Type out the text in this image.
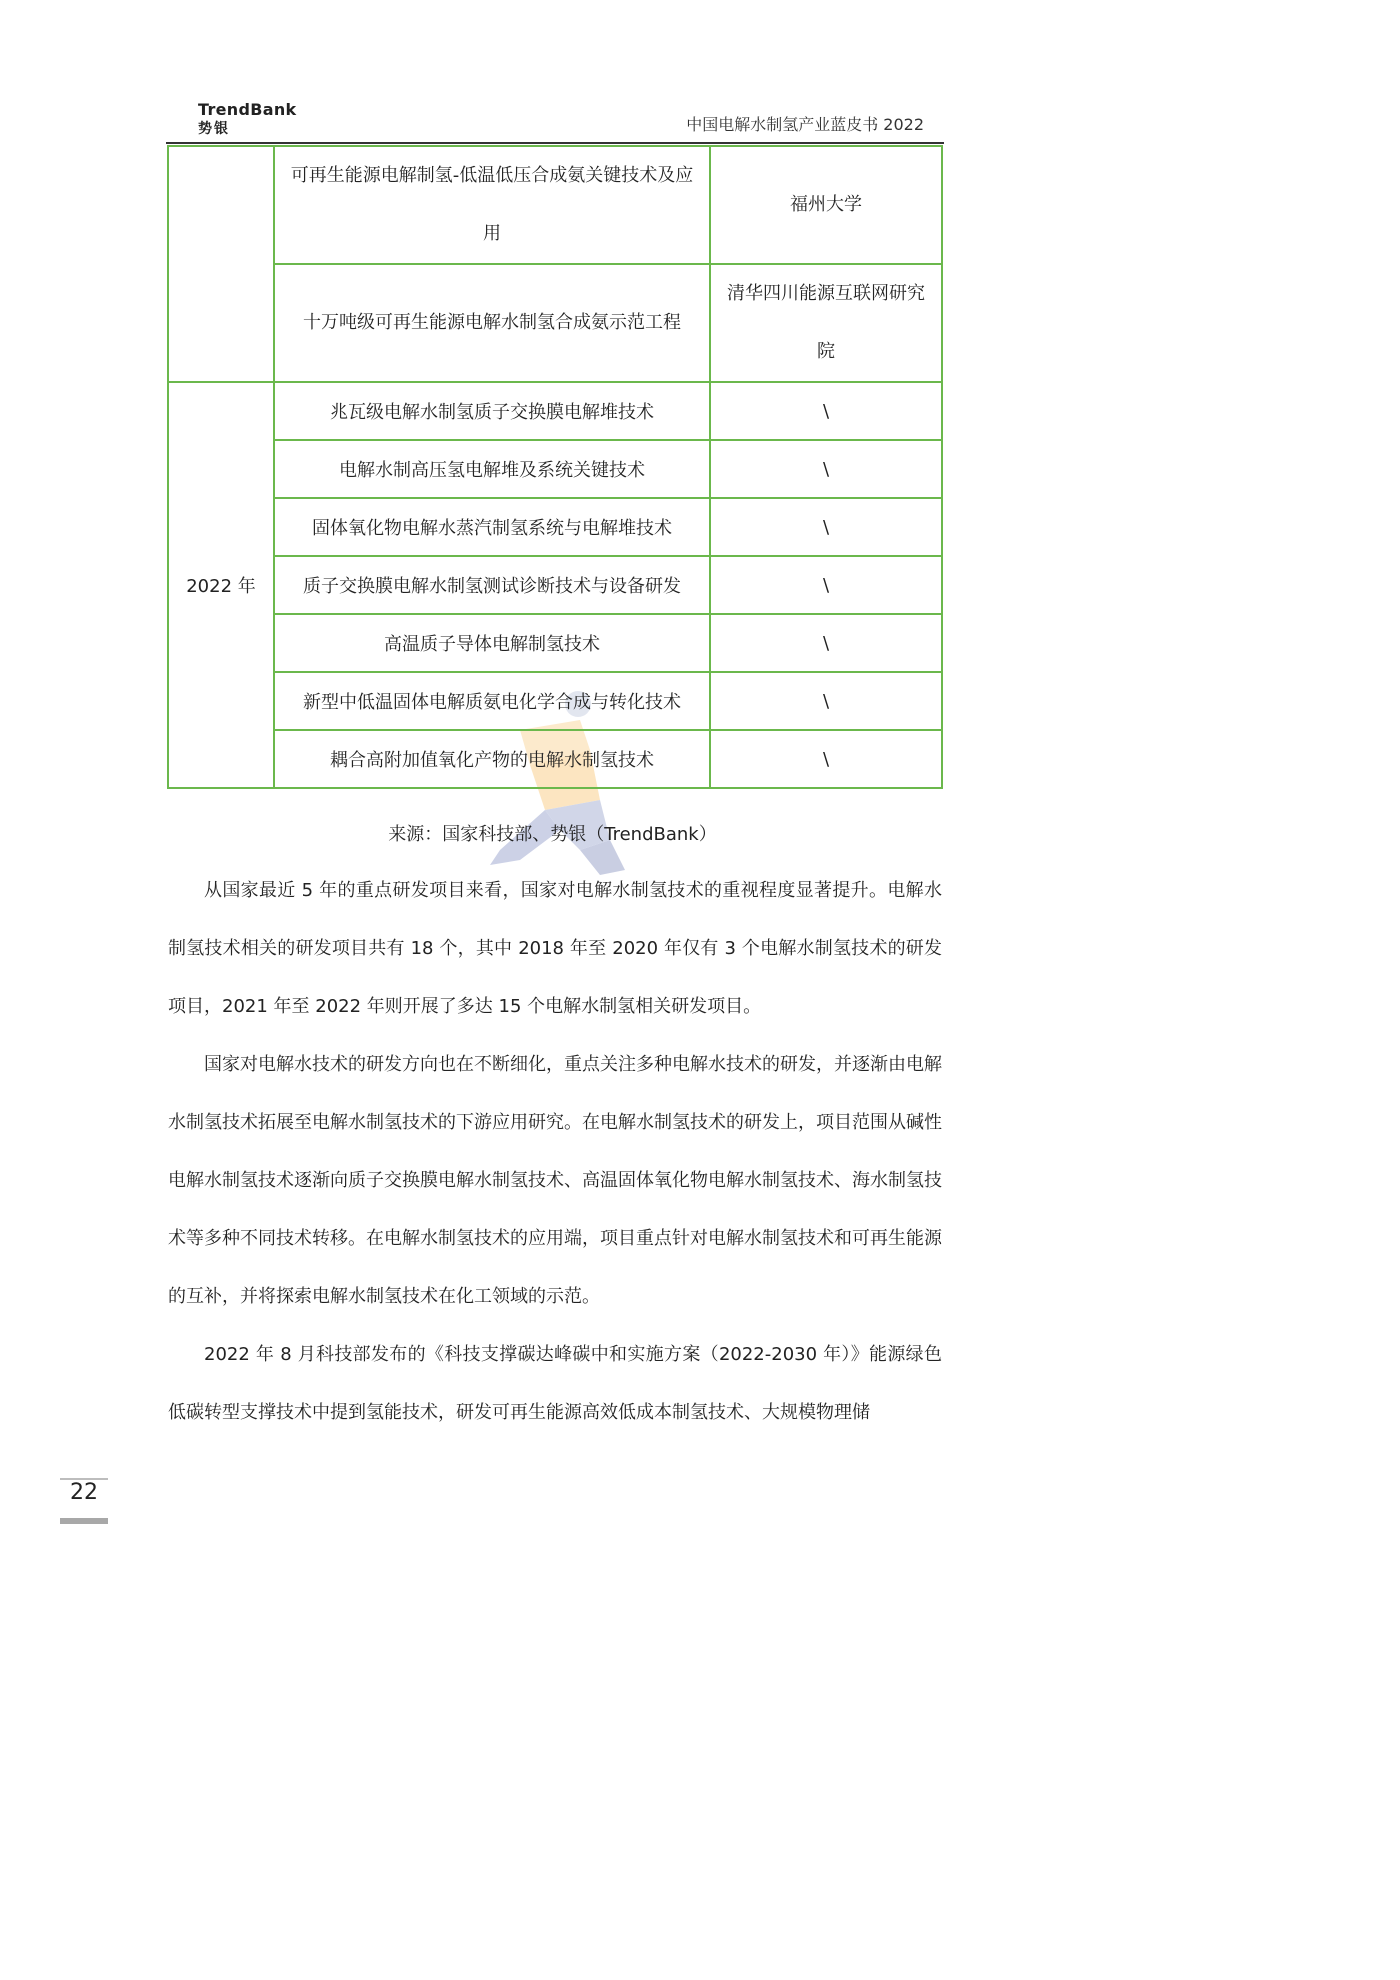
TrendBank
势银	中国电解水制氢产业蓝皮书 2022
	可再生能源电解制氢-低温低压合成氨关键技术及应用	福州大学
	十万吨级可再生能源电解水制氢合成氨示范工程	清华四川能源互联网研究院
2022 年	兆瓦级电解水制氢质子交换膜电解堆技术	\
	电解水制高压氢电解堆及系统关键技术	\
	固体氧化物电解水蒸汽制氢系统与电解堆技术	\
	质子交换膜电解水制氢测试诊断技术与设备研发	\
	高温质子导体电解制氢技术	\
	新型中低温固体电解质氨电化学合成与转化技术	\
	耦合高附加值氧化产物的电解水制氢技术	\
来源：国家科技部、势银（TrendBank）

从国家最近 5 年的重点研发项目来看，国家对电解水制氢技术的重视程度显著提升。电解水制氢技术相关的研发项目共有 18 个，其中 2018 年至 2020 年仅有 3 个电解水制氢技术的研发项目，2021 年至 2022 年则开展了多达 15 个电解水制氢相关研发项目。

国家对电解水技术的研发方向也在不断细化，重点关注多种电解水技术的研发，并逐渐由电解水制氢技术拓展至电解水制氢技术的下游应用研究。在电解水制氢技术的研发上，项目范围从碱性电解水制氢技术逐渐向质子交换膜电解水制氢技术、高温固体氧化物电解水制氢技术、海水制氢技术等多种不同技术转移。在电解水制氢技术的应用端，项目重点针对电解水制氢技术和可再生能源的互补，并将探索电解水制氢技术在化工领域的示范。

2022 年 8 月科技部发布的《科技支撑碳达峰碳中和实施方案（2022-2030 年）》能源绿色低碳转型支撑技术中提到氢能技术，研发可再生能源高效低成本制氢技术、大规模物理储

22
